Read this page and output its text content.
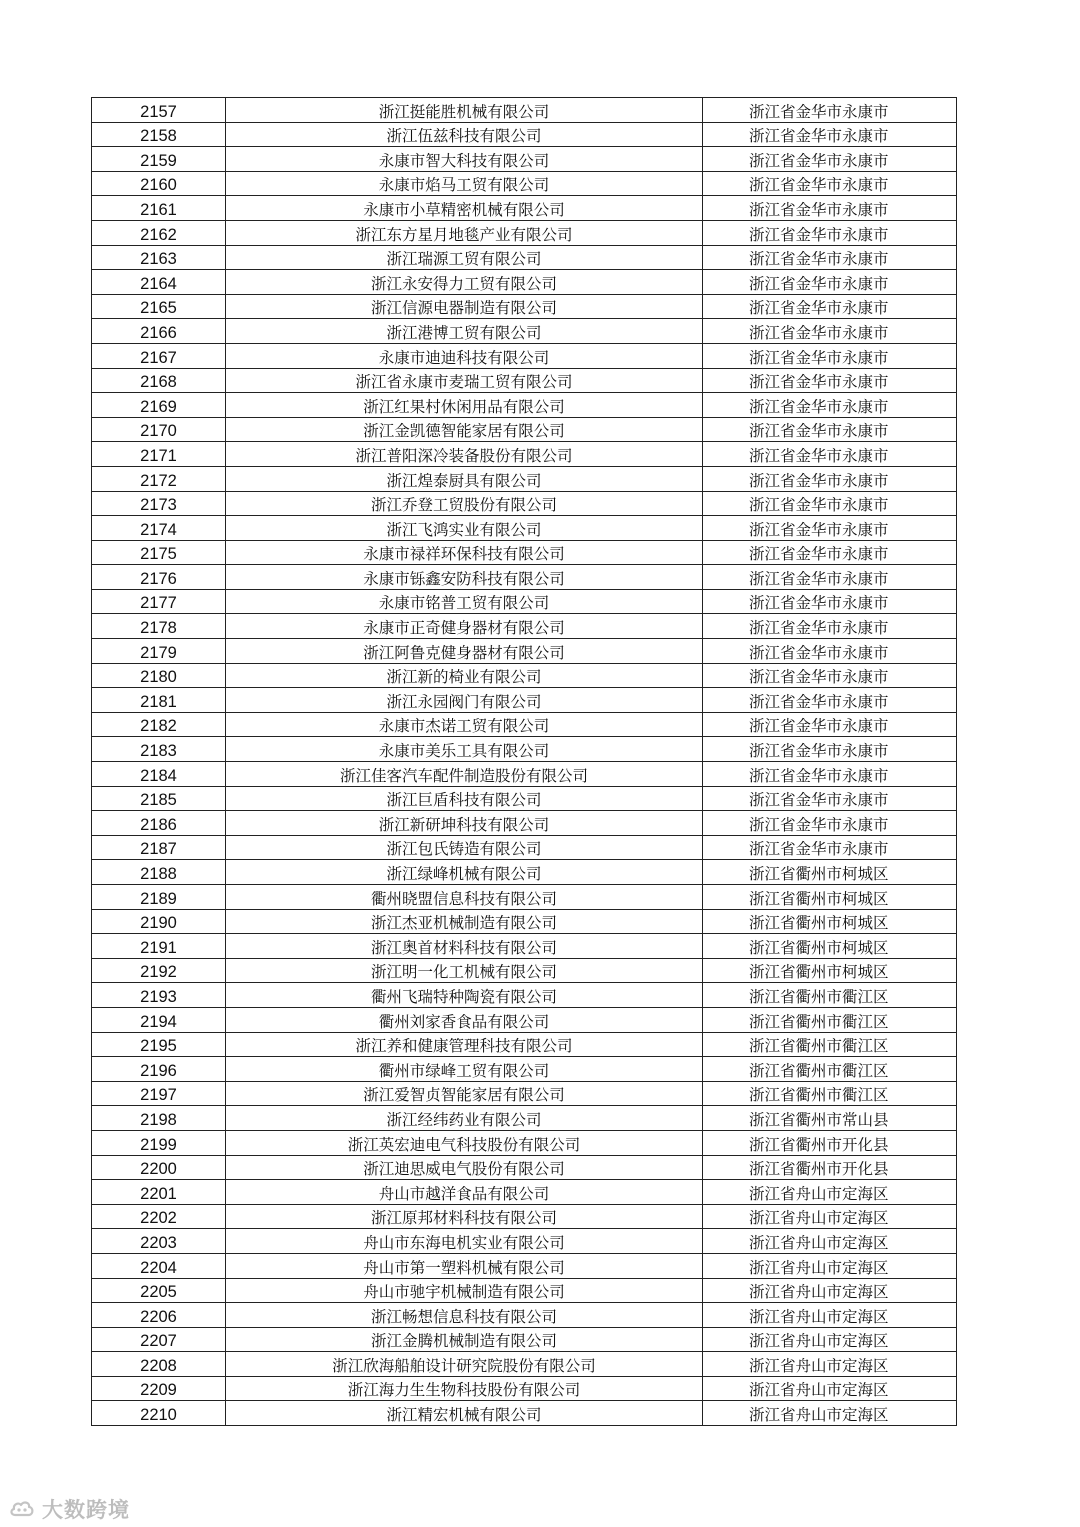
2157	浙江挺能胜机械有限公司	浙江省金华市永康市
2158	浙江伍兹科技有限公司	浙江省金华市永康市
2159	永康市智大科技有限公司	浙江省金华市永康市
2160	永康市焰马工贸有限公司	浙江省金华市永康市
2161	永康市小草精密机械有限公司	浙江省金华市永康市
2162	浙江东方星月地毯产业有限公司	浙江省金华市永康市
2163	浙江瑞源工贸有限公司	浙江省金华市永康市
2164	浙江永安得力工贸有限公司	浙江省金华市永康市
2165	浙江信源电器制造有限公司	浙江省金华市永康市
2166	浙江港博工贸有限公司	浙江省金华市永康市
2167	永康市迪迪科技有限公司	浙江省金华市永康市
2168	浙江省永康市麦瑞工贸有限公司	浙江省金华市永康市
2169	浙江红果村休闲用品有限公司	浙江省金华市永康市
2170	浙江金凯德智能家居有限公司	浙江省金华市永康市
2171	浙江普阳深冷装备股份有限公司	浙江省金华市永康市
2172	浙江煌泰厨具有限公司	浙江省金华市永康市
2173	浙江乔登工贸股份有限公司	浙江省金华市永康市
2174	浙江飞鸿实业有限公司	浙江省金华市永康市
2175	永康市禄祥环保科技有限公司	浙江省金华市永康市
2176	永康市铄鑫安防科技有限公司	浙江省金华市永康市
2177	永康市铭普工贸有限公司	浙江省金华市永康市
2178	永康市正奇健身器材有限公司	浙江省金华市永康市
2179	浙江阿鲁克健身器材有限公司	浙江省金华市永康市
2180	浙江新的椅业有限公司	浙江省金华市永康市
2181	浙江永园阀门有限公司	浙江省金华市永康市
2182	永康市杰诺工贸有限公司	浙江省金华市永康市
2183	永康市美乐工具有限公司	浙江省金华市永康市
2184	浙江佳客汽车配件制造股份有限公司	浙江省金华市永康市
2185	浙江巨盾科技有限公司	浙江省金华市永康市
2186	浙江新研坤科技有限公司	浙江省金华市永康市
2187	浙江包氏铸造有限公司	浙江省金华市永康市
2188	浙江绿峰机械有限公司	浙江省衢州市柯城区
2189	衢州晓盟信息科技有限公司	浙江省衢州市柯城区
2190	浙江杰亚机械制造有限公司	浙江省衢州市柯城区
2191	浙江奥首材料科技有限公司	浙江省衢州市柯城区
2192	浙江明一化工机械有限公司	浙江省衢州市柯城区
2193	衢州飞瑞特种陶瓷有限公司	浙江省衢州市衢江区
2194	衢州刘家香食品有限公司	浙江省衢州市衢江区
2195	浙江养和健康管理科技有限公司	浙江省衢州市衢江区
2196	衢州市绿峰工贸有限公司	浙江省衢州市衢江区
2197	浙江爱智贞智能家居有限公司	浙江省衢州市衢江区
2198	浙江经纬药业有限公司	浙江省衢州市常山县
2199	浙江英宏迪电气科技股份有限公司	浙江省衢州市开化县
2200	浙江迪思威电气股份有限公司	浙江省衢州市开化县
2201	舟山市越洋食品有限公司	浙江省舟山市定海区
2202	浙江原邦材料科技有限公司	浙江省舟山市定海区
2203	舟山市东海电机实业有限公司	浙江省舟山市定海区
2204	舟山市第一塑料机械有限公司	浙江省舟山市定海区
2205	舟山市驰宇机械制造有限公司	浙江省舟山市定海区
2206	浙江畅想信息科技有限公司	浙江省舟山市定海区
2207	浙江金腾机械制造有限公司	浙江省舟山市定海区
2208	浙江欣海船舶设计研究院股份有限公司	浙江省舟山市定海区
2209	浙江海力生生物科技股份有限公司	浙江省舟山市定海区
2210	浙江精宏机械有限公司	浙江省舟山市定海区
大数跨境
